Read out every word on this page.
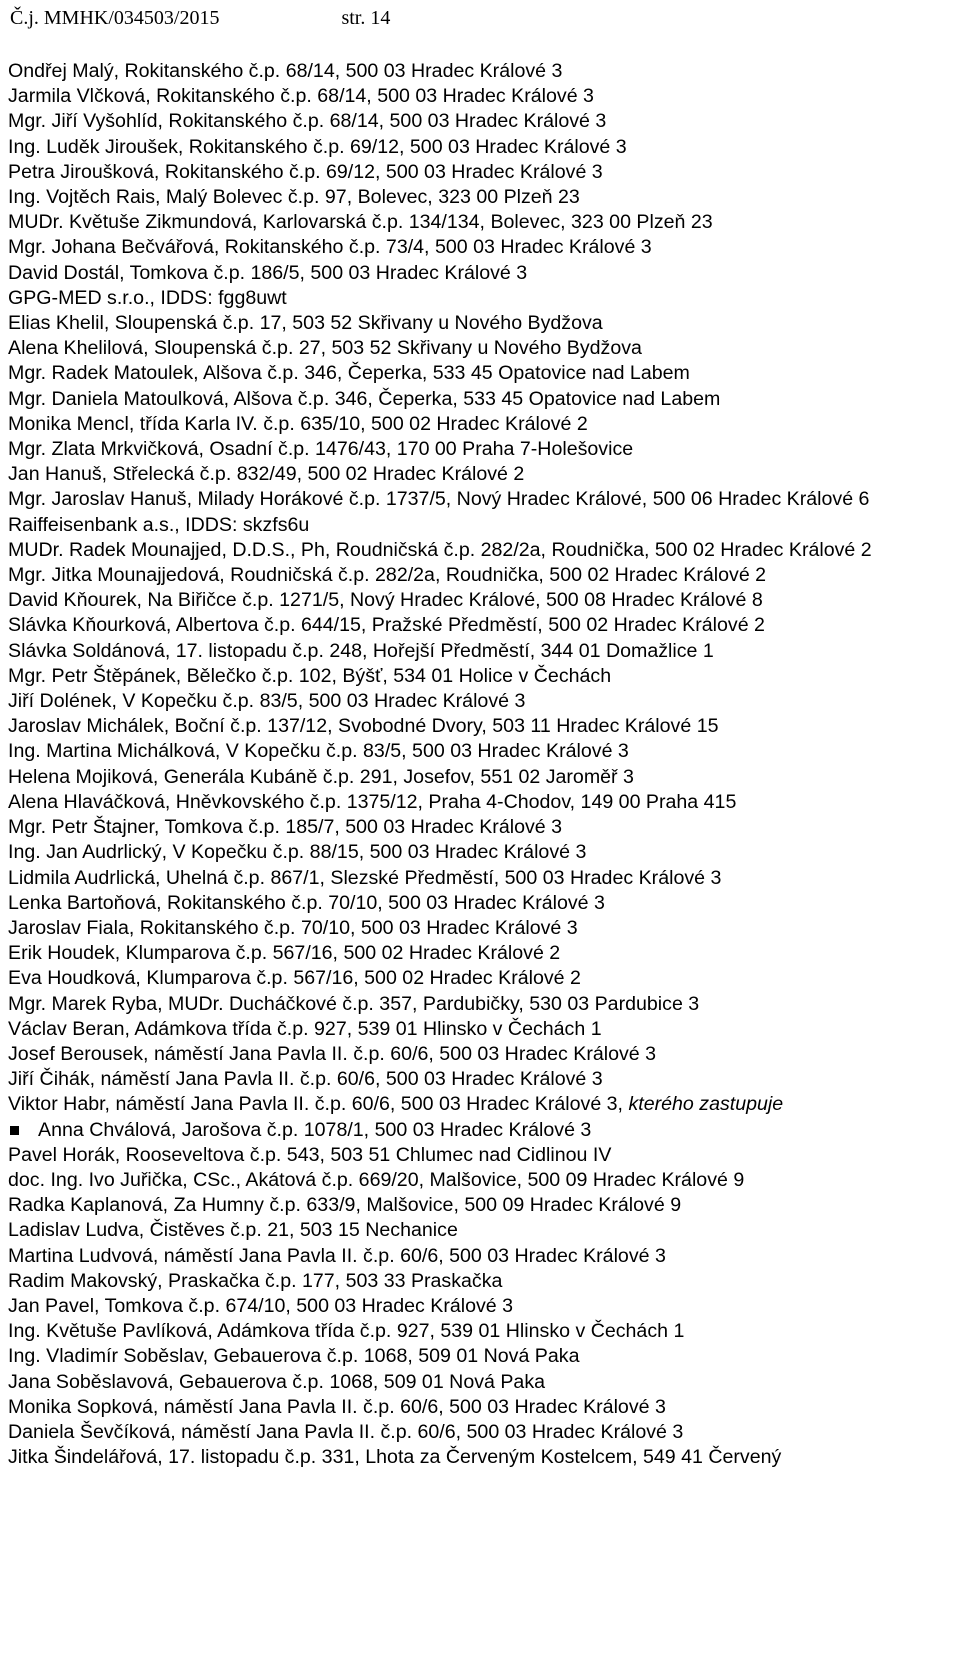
Č.j. MMHK/034503/2015	str. 14
Ondřej Malý, Rokitanského č.p. 68/14, 500 03 Hradec Králové 3
Jarmila Vlčková, Rokitanského č.p. 68/14, 500 03 Hradec Králové 3
Mgr. Jiří Vyšohlíd, Rokitanského č.p. 68/14, 500 03 Hradec Králové 3
Ing. Luděk Jiroušek, Rokitanského č.p. 69/12, 500 03 Hradec Králové 3
Petra Jiroušková, Rokitanského č.p. 69/12, 500 03 Hradec Králové 3
Ing. Vojtěch Rais, Malý Bolevec č.p. 97, Bolevec, 323 00 Plzeň 23
MUDr. Květuše Zikmundová, Karlovarská č.p. 134/134, Bolevec, 323 00 Plzeň 23
Mgr. Johana Bečvářová, Rokitanského č.p. 73/4, 500 03 Hradec Králové 3
David Dostál, Tomkova č.p. 186/5, 500 03 Hradec Králové 3
GPG-MED s.r.o., IDDS: fgg8uwt
Elias Khelil, Sloupenská č.p. 17, 503 52 Skřivany u Nového Bydžova
Alena Khelilová, Sloupenská č.p. 27, 503 52 Skřivany u Nového Bydžova
Mgr. Radek Matoulek, Alšova č.p. 346, Čeperka, 533 45 Opatovice nad Labem
Mgr. Daniela Matoulková, Alšova č.p. 346, Čeperka, 533 45 Opatovice nad Labem
Monika Mencl, třída Karla IV. č.p. 635/10, 500 02 Hradec Králové 2
Mgr. Zlata Mrkvičková, Osadní č.p. 1476/43, 170 00 Praha 7-Holešovice
Jan Hanuš, Střelecká č.p. 832/49, 500 02 Hradec Králové 2
Mgr. Jaroslav Hanuš, Milady Horákové č.p. 1737/5, Nový Hradec Králové, 500 06 Hradec Králové 6
Raiffeisenbank a.s., IDDS: skzfs6u
MUDr. Radek Mounajjed, D.D.S., Ph, Roudničská č.p. 282/2a, Roudnička, 500 02 Hradec Králové 2
Mgr. Jitka Mounajjedová, Roudničská č.p. 282/2a, Roudnička, 500 02 Hradec Králové 2
David Kňourek, Na Biřičce č.p. 1271/5, Nový Hradec Králové, 500 08 Hradec Králové 8
Slávka Kňourková, Albertova č.p. 644/15, Pražské Předměstí, 500 02 Hradec Králové 2
Slávka Soldánová, 17. listopadu č.p. 248, Hořejší Předměstí, 344 01 Domažlice 1
Mgr. Petr Štěpánek, Bělečko č.p. 102, Býšť, 534 01 Holice v Čechách
Jiří Dolének, V Kopečku č.p. 83/5, 500 03 Hradec Králové 3
Jaroslav Michálek, Boční č.p. 137/12, Svobodné Dvory, 503 11 Hradec Králové 15
Ing. Martina Michálková, V Kopečku č.p. 83/5, 500 03 Hradec Králové 3
Helena Mojiková, Generála Kubáně č.p. 291, Josefov, 551 02 Jaroměř 3
Alena Hlaváčková, Hněvkovského č.p. 1375/12, Praha 4-Chodov, 149 00 Praha 415
Mgr. Petr Štajner, Tomkova č.p. 185/7, 500 03 Hradec Králové 3
Ing. Jan Audrlický, V Kopečku č.p. 88/15, 500 03 Hradec Králové 3
Lidmila Audrlická, Uhelná č.p. 867/1, Slezské Předměstí, 500 03 Hradec Králové 3
Lenka Bartoňová, Rokitanského č.p. 70/10, 500 03 Hradec Králové 3
Jaroslav Fiala, Rokitanského č.p. 70/10, 500 03 Hradec Králové 3
Erik Houdek, Klumparova č.p. 567/16, 500 02 Hradec Králové 2
Eva Houdková, Klumparova č.p. 567/16, 500 02 Hradec Králové 2
Mgr. Marek Ryba, MUDr. Ducháčkové č.p. 357, Pardubičky, 530 03 Pardubice 3
Václav Beran, Adámkova třída č.p. 927, 539 01 Hlinsko v Čechách 1
Josef Berousek, náměstí Jana Pavla II. č.p. 60/6, 500 03 Hradec Králové 3
Jiří Čihák, náměstí Jana Pavla II. č.p. 60/6, 500 03 Hradec Králové 3
Viktor Habr, náměstí Jana Pavla II. č.p. 60/6, 500 03 Hradec Králové 3, kterého zastupuje
Anna Chválová, Jarošova č.p. 1078/1, 500 03 Hradec Králové 3
Pavel Horák, Rooseveltova č.p. 543, 503 51 Chlumec nad Cidlinou IV
doc. Ing. Ivo Juřička, CSc., Akátová č.p. 669/20, Malšovice, 500 09 Hradec Králové 9
Radka Kaplanová, Za Humny č.p. 633/9, Malšovice, 500 09 Hradec Králové 9
Ladislav Ludva, Čistěves č.p. 21, 503 15 Nechanice
Martina Ludvová, náměstí Jana Pavla II. č.p. 60/6, 500 03 Hradec Králové 3
Radim Makovský, Praskačka č.p. 177, 503 33 Praskačka
Jan Pavel, Tomkova č.p. 674/10, 500 03 Hradec Králové 3
Ing. Květuše Pavlíková, Adámkova třída č.p. 927, 539 01 Hlinsko v Čechách 1
Ing. Vladimír Soběslav, Gebauerova č.p. 1068, 509 01 Nová Paka
Jana Soběslavová, Gebauerova č.p. 1068, 509 01 Nová Paka
Monika Sopková, náměstí Jana Pavla II. č.p. 60/6, 500 03 Hradec Králové 3
Daniela Ševčíková, náměstí Jana Pavla II. č.p. 60/6, 500 03 Hradec Králové 3
Jitka Šindelářová, 17. listopadu č.p. 331, Lhota za Červeným Kostelcem, 549 41 Červený
